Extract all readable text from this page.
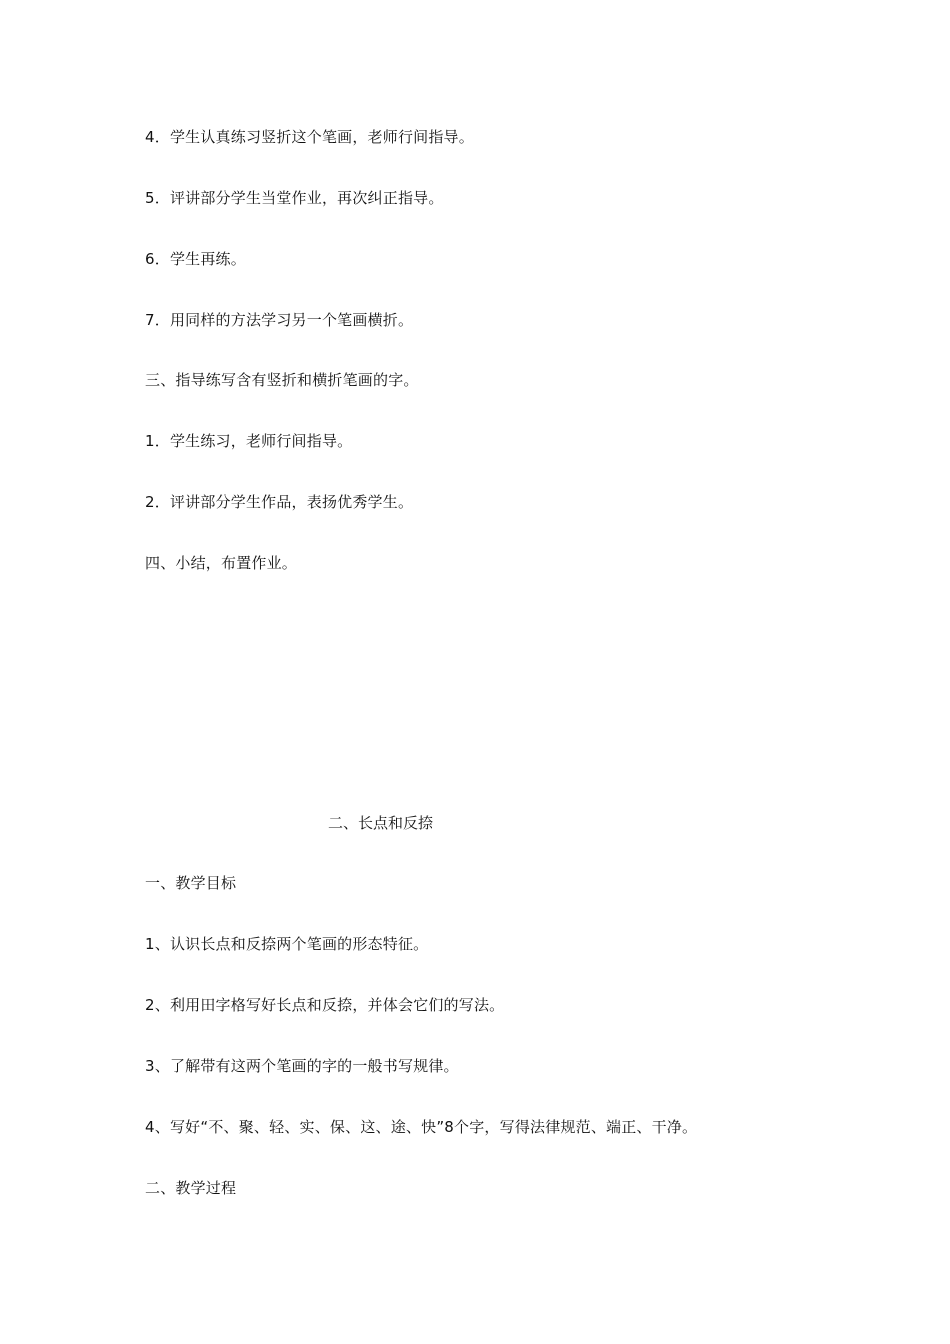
4．学生认真练习竖折这个笔画，老师行间指导。
5．评讲部分学生当堂作业，再次纠正指导。
6．学生再练。
7．用同样的方法学习另一个笔画横折。
三、指导练写含有竖折和横折笔画的字。
1．学生练习，老师行间指导。
2．评讲部分学生作品，表扬优秀学生。
四、小结，布置作业。
二、长点和反捺
一、教学目标
1、认识长点和反捺两个笔画的形态特征。
2、利用田字格写好长点和反捺，并体会它们的写法。
3、了解带有这两个笔画的字的一般书写规律。
4、写好“不、聚、轻、实、保、这、途、快”8个字，写得法律规范、端正、干净。
二、教学过程
